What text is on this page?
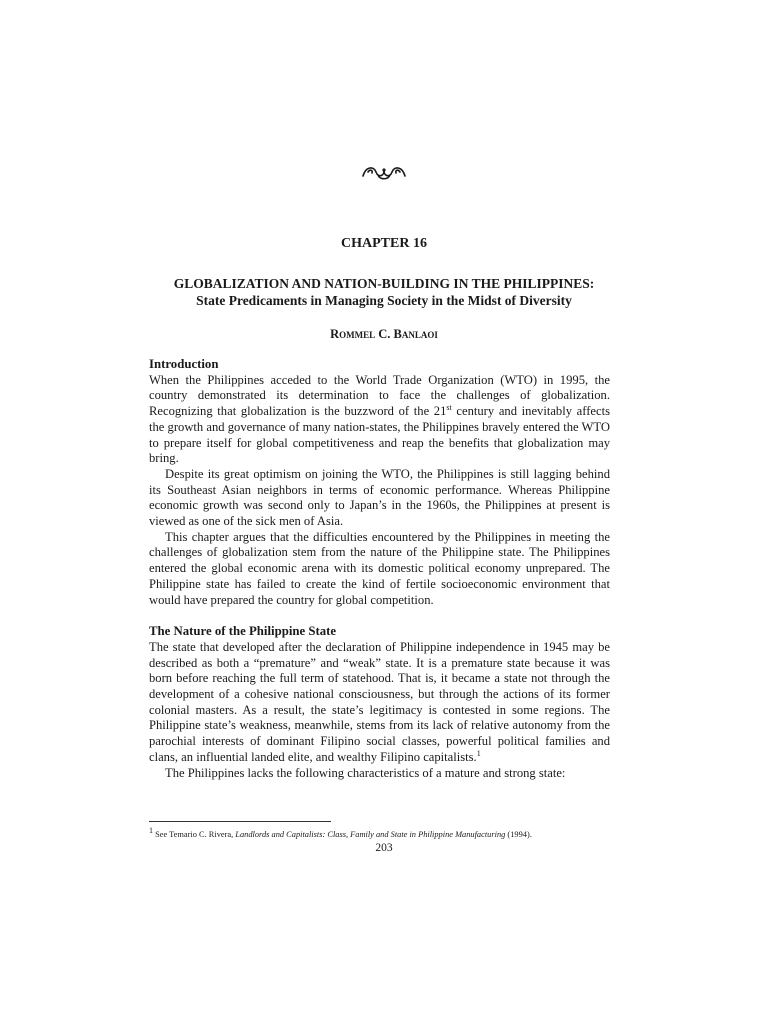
CHAPTER 16
GLOBALIZATION AND NATION-BUILDING IN THE PHILIPPINES:
State Predicaments in Managing Society in the Midst of Diversity
Rommel C. Banlaoi
Introduction

When the Philippines acceded to the World Trade Organization (WTO) in 1995, the country demonstrated its determination to face the challenges of globalization. Recognizing that globalization is the buzzword of the 21st century and inevitably affects the growth and governance of many nation-states, the Philippines bravely entered the WTO to prepare itself for global competitiveness and reap the benefits that globalization may bring.

Despite its great optimism on joining the WTO, the Philippines is still lagging behind its Southeast Asian neighbors in terms of economic performance. Whereas Philippine economic growth was second only to Japan’s in the 1960s, the Philippines at present is viewed as one of the sick men of Asia.

This chapter argues that the difficulties encountered by the Philippines in meeting the challenges of globalization stem from the nature of the Philippine state. The Philippines entered the global economic arena with its domestic political economy unprepared. The Philippine state has failed to create the kind of fertile socioeconomic environment that would have prepared the country for global competition.

The Nature of the Philippine State

The state that developed after the declaration of Philippine independence in 1945 may be described as both a “premature” and “weak” state. It is a premature state because it was born before reaching the full term of statehood. That is, it became a state not through the development of a cohesive national consciousness, but through the actions of its former colonial masters. As a result, the state’s legitimacy is contested in some regions. The Philippine state’s weakness, meanwhile, stems from its lack of relative autonomy from the parochial interests of dominant Filipino social classes, powerful political families and clans, an influential landed elite, and wealthy Filipino capitalists.$^1$

The Philippines lacks the following characteristics of a mature and strong state:

$^1$ See Temario C. Rivera, Landlords and Capitalists: Class, Family and State in Philippine Manufacturing (1994).
203
